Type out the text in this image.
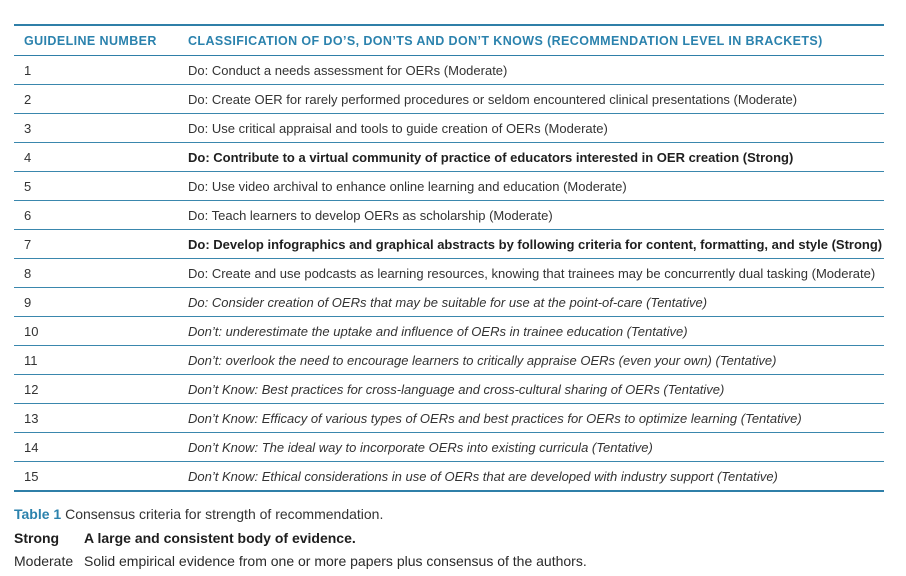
GUIDELINE NUMBER	CLASSIFICATION OF DO’S, DON’TS AND DON’T KNOWS (RECOMMENDATION LEVEL IN BRACKETS)
1	Do: Conduct a needs assessment for OERs (Moderate)
2	Do: Create OER for rarely performed procedures or seldom encountered clinical presentations (Moderate)
3	Do: Use critical appraisal and tools to guide creation of OERs (Moderate)
4	Do: Contribute to a virtual community of practice of educators interested in OER creation (Strong)
5	Do: Use video archival to enhance online learning and education (Moderate)
6	Do: Teach learners to develop OERs as scholarship (Moderate)
7	Do: Develop infographics and graphical abstracts by following criteria for content, formatting, and style (Strong)
8	Do: Create and use podcasts as learning resources, knowing that trainees may be concurrently dual tasking (Moderate)
9	Do: Consider creation of OERs that may be suitable for use at the point-of-care (Tentative)
10	Don’t: underestimate the uptake and influence of OERs in trainee education (Tentative)
11	Don’t: overlook the need to encourage learners to critically appraise OERs (even your own) (Tentative)
12	Don’t Know: Best practices for cross-language and cross-cultural sharing of OERs (Tentative)
13	Don’t Know: Efficacy of various types of OERs and best practices for OERs to optimize learning (Tentative)
14	Don’t Know: The ideal way to incorporate OERs into existing curricula (Tentative)
15	Don’t Know: Ethical considerations in use of OERs that are developed with industry support (Tentative)
Table 1 Consensus criteria for strength of recommendation.
Strong A large and consistent body of evidence.
Moderate Solid empirical evidence from one or more papers plus consensus of the authors.
